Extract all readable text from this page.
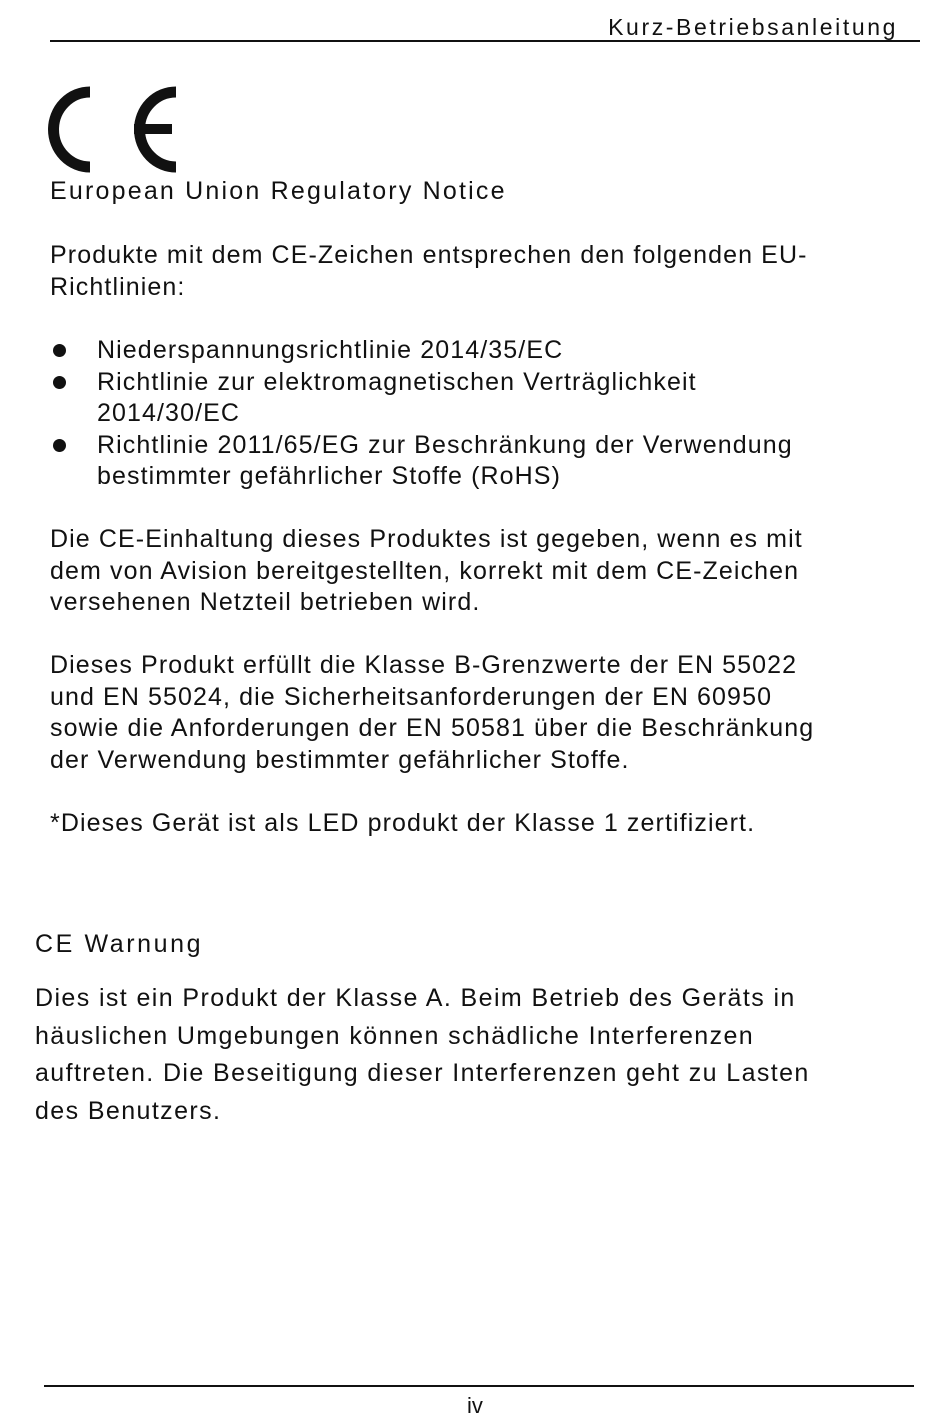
Kurz-Betriebsanleitung
European Union Regulatory Notice
Produkte mit dem CE-Zeichen entsprechen den folgenden EU-
Richtlinien:
Niederspannungsrichtlinie 2014/35/EC
Richtlinie zur elektromagnetischen Verträglichkeit
2014/30/EC
Richtlinie 2011/65/EG zur Beschränkung der Verwendung
bestimmter gefährlicher Stoffe (RoHS)
Die CE-Einhaltung dieses Produktes ist gegeben, wenn es mit
dem von Avision bereitgestellten, korrekt mit dem CE-Zeichen
versehenen Netzteil betrieben wird.
Dieses Produkt erfüllt die Klasse B-Grenzwerte der EN 55022
und EN 55024, die Sicherheitsanforderungen der EN 60950
sowie die Anforderungen der EN 50581 über die Beschränkung
der Verwendung bestimmter gefährlicher Stoffe.
*Dieses Gerät ist als LED produkt der Klasse 1 zertifiziert.
CE Warnung
Dies ist ein Produkt der Klasse A. Beim Betrieb des Geräts in
häuslichen Umgebungen können schädliche Interferenzen
auftreten. Die Beseitigung dieser Interferenzen geht zu Lasten
des Benutzers.
iv
